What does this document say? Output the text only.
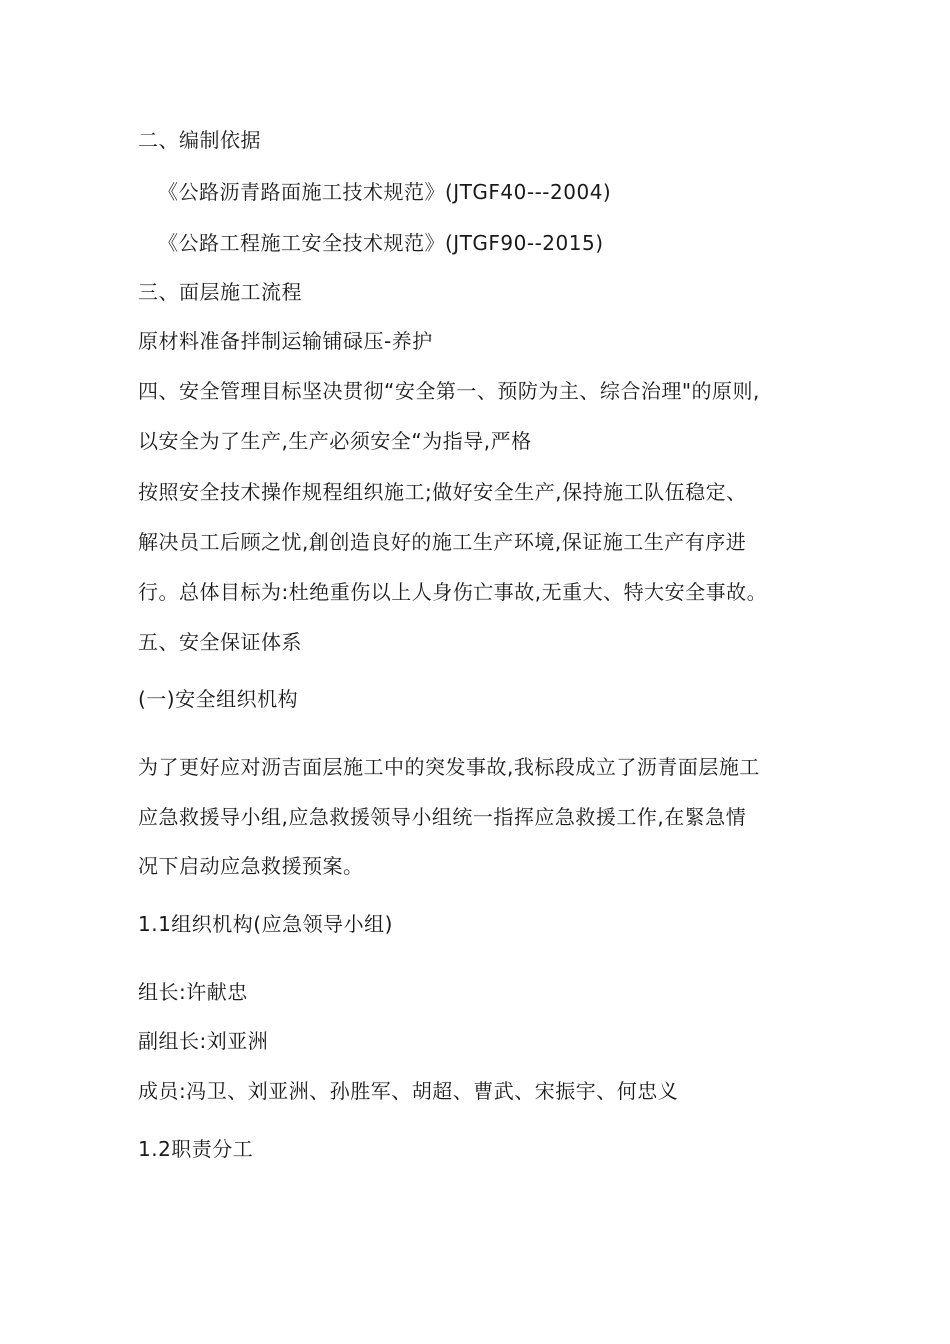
二、编制依据
《公路沥青路面施工技术规范》(JTGF40---2004)
《公路工程施工安全技术规范》(JTGF90--2015)
三、面层施工流程
原材料准备拌制运输铺碌压-养护
四、安全管理目标坚决贯彻“安全第一、预防为主、综合治理"的原则,
以安全为了生产,生产必须安全“为指导,严格
按照安全技术操作规程组织施工;做好安全生产,保持施工队伍稳定、
解决员工后顾之忧,創创造良好的施工生产环境,保证施工生产有序进
行。总体目标为:杜绝重伤以上人身伤亡事故,无重大、特大安全事故。
五、安全保证体系
(一)安全组织机构
为了更好应对沥吉面层施工中的突发事故,我标段成立了沥青面层施工
应急救援导小组,应急救援领导小组统一指挥应急救援工作,在緊急情
况下启动应急救援预案。
1.1组织机构(应急领导小组)
组长:许献忠
副组长:刘亚洲
成员:冯卫、刘亚洲、孙胜军、胡超、曹武、宋振宇、何忠义
1.2职责分工
